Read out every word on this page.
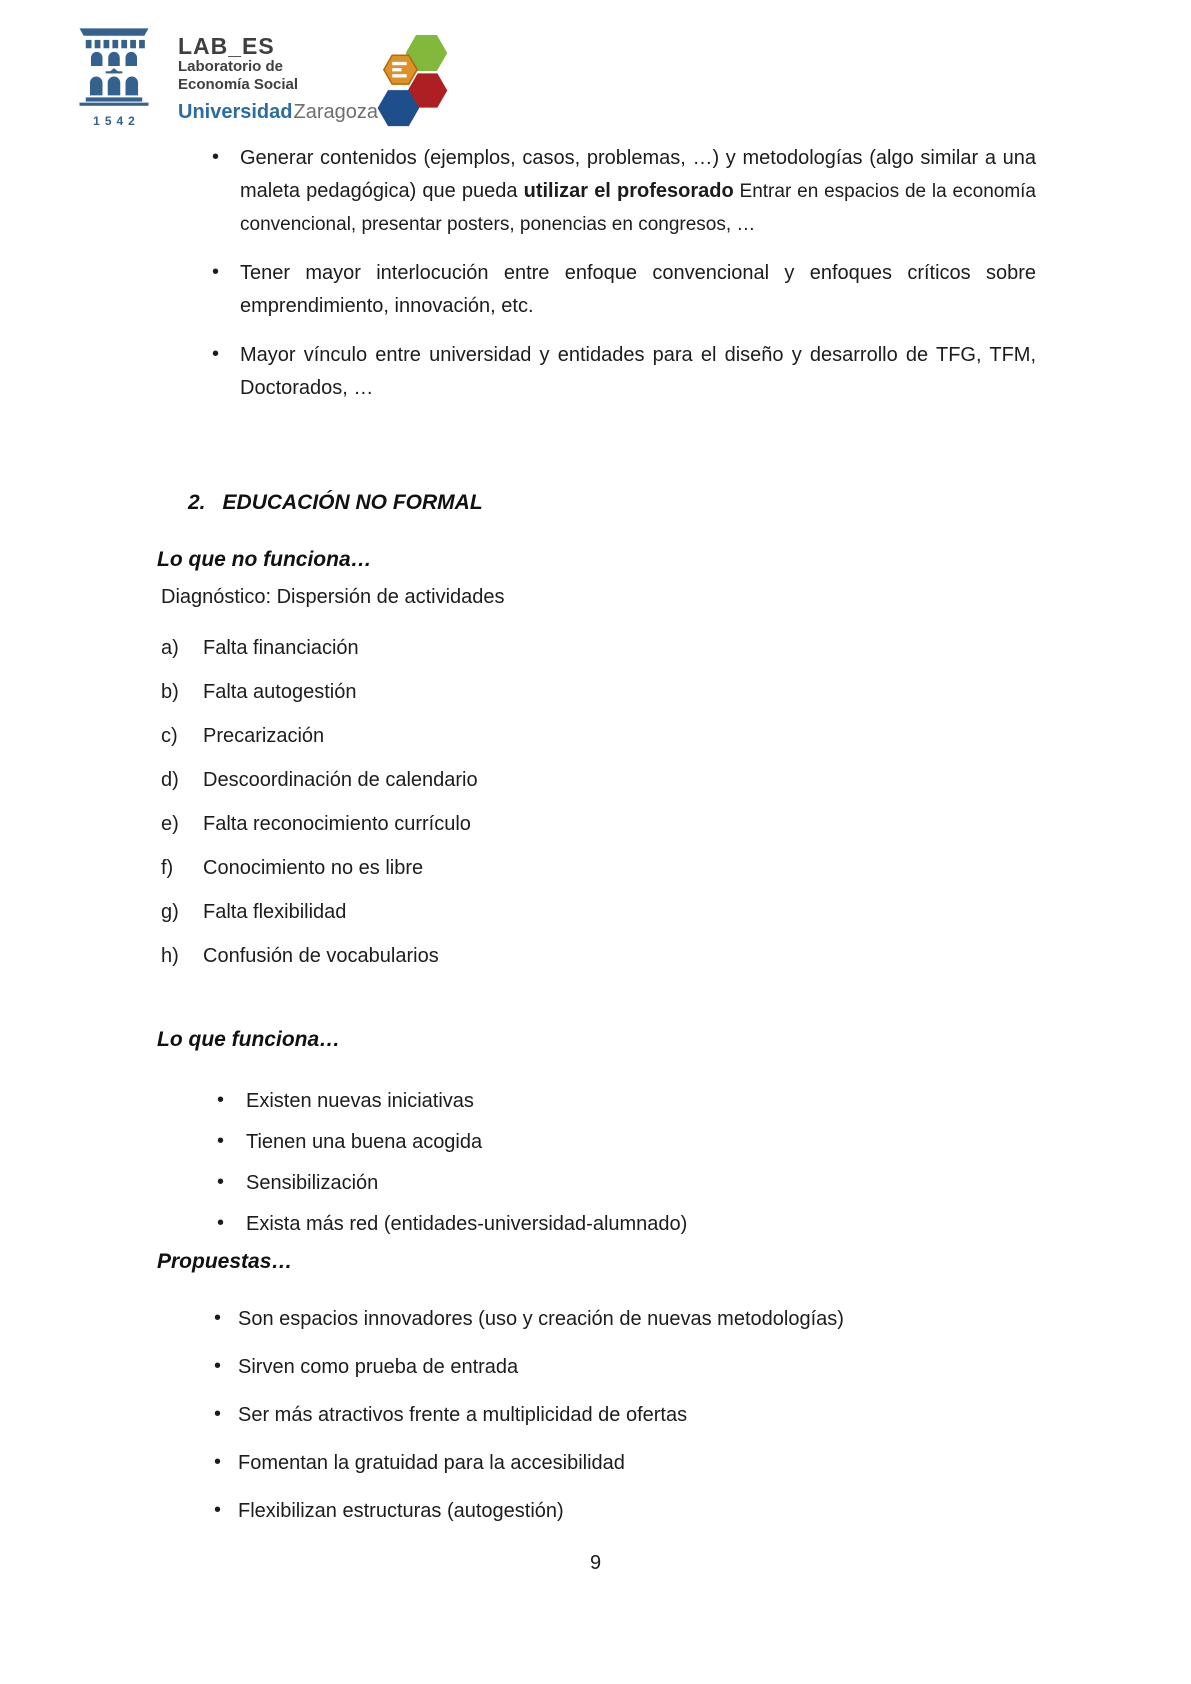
1542
LAB_ES
Laboratorio de
Economía Social
UniversidadZaragoza
• Generar contenidos (ejemplos, casos, problemas, …) y metodologías (algo similar a una maleta pedagógica) que pueda utilizar el profesorado Entrar en espacios de la economía convencional, presentar posters, ponencias en congresos, …
• Tener mayor interlocución entre enfoque convencional y enfoques críticos sobre emprendimiento, innovación, etc.
• Mayor vínculo entre universidad y entidades para el diseño y desarrollo de TFG, TFM, Doctorados, …
2. EDUCACIÓN NO FORMAL
Lo que no funciona…
Diagnóstico: Dispersión de actividades
a) Falta financiación
b) Falta autogestión
c) Precarización
d) Descoordinación de calendario
e) Falta reconocimiento currículo
f) Conocimiento no es libre
g) Falta flexibilidad
h) Confusión de vocabularios
Lo que funciona…
• Existen nuevas iniciativas
• Tienen una buena acogida
• Sensibilización
• Exista más red (entidades-universidad-alumnado)
Propuestas…
• Son espacios innovadores (uso y creación de nuevas metodologías)
• Sirven como prueba de entrada
• Ser más atractivos frente a multiplicidad de ofertas
• Fomentan la gratuidad para la accesibilidad
• Flexibilizan estructuras (autogestión)
9
